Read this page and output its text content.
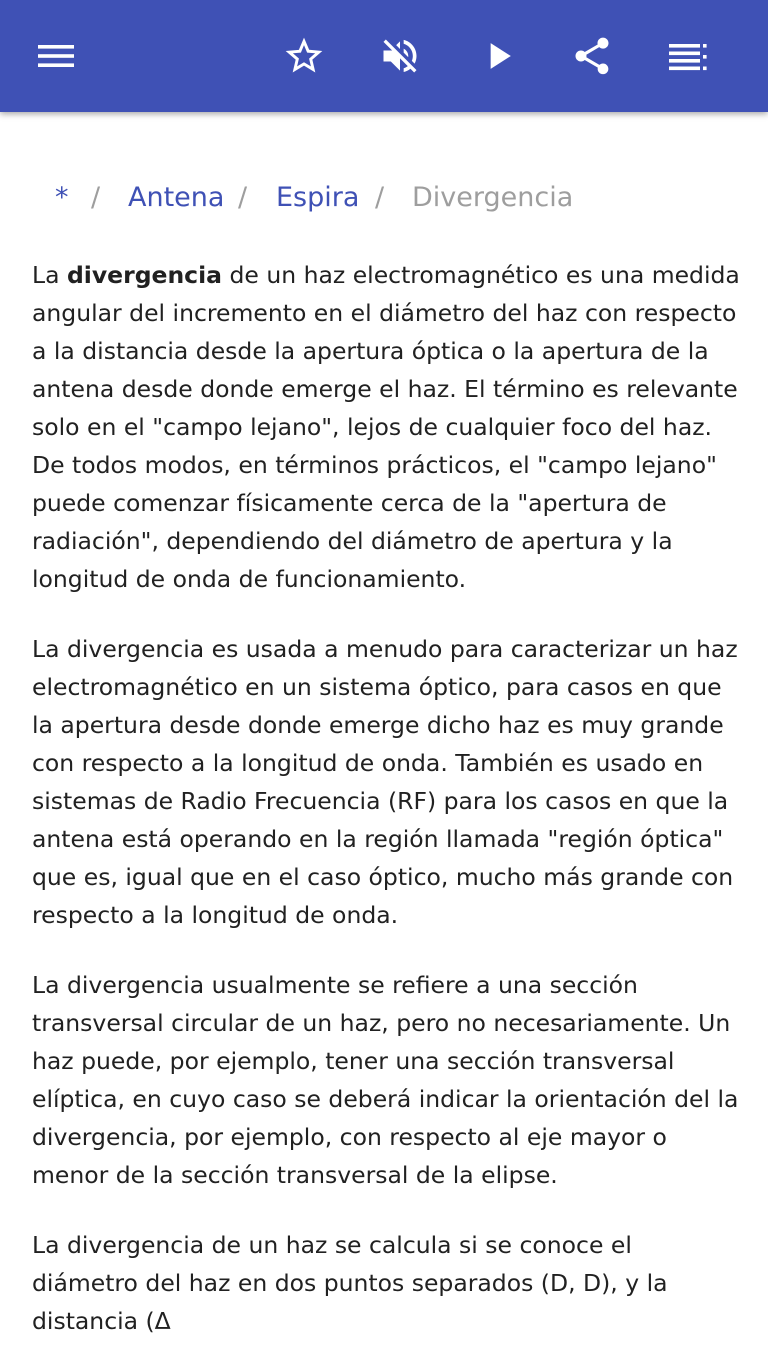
* / Antena / Espira / Divergencia

La divergencia de un haz electromagnético es una medida angular del incremento en el diámetro del haz con respecto a la distancia desde la apertura óptica o la apertura de la antena desde donde emerge el haz. El término es relevante solo en el "campo lejano", lejos de cualquier foco del haz. De todos modos, en términos prácticos, el "campo lejano" puede comenzar físicamente cerca de la "apertura de radiación", dependiendo del diámetro de apertura y la longitud de onda de funcionamiento.

La divergencia es usada a menudo para caracterizar un haz electromagnético en un sistema óptico, para casos en que la apertura desde donde emerge dicho haz es muy grande con respecto a la longitud de onda. También es usado en sistemas de Radio Frecuencia (RF) para los casos en que la antena está operando en la región llamada "región óptica" que es, igual que en el caso óptico, mucho más grande con respecto a la longitud de onda.

La divergencia usualmente se refiere a una sección transversal circular de un haz, pero no necesariamente. Un haz puede, por ejemplo, tener una sección transversal elíptica, en cuyo caso se deberá indicar la orientación del la divergencia, por ejemplo, con respecto al eje mayor o menor de la sección transversal de la elipse.

La divergencia de un haz se calcula si se conoce el diámetro del haz en dos puntos separados (D, D), y la distancia (Δ
